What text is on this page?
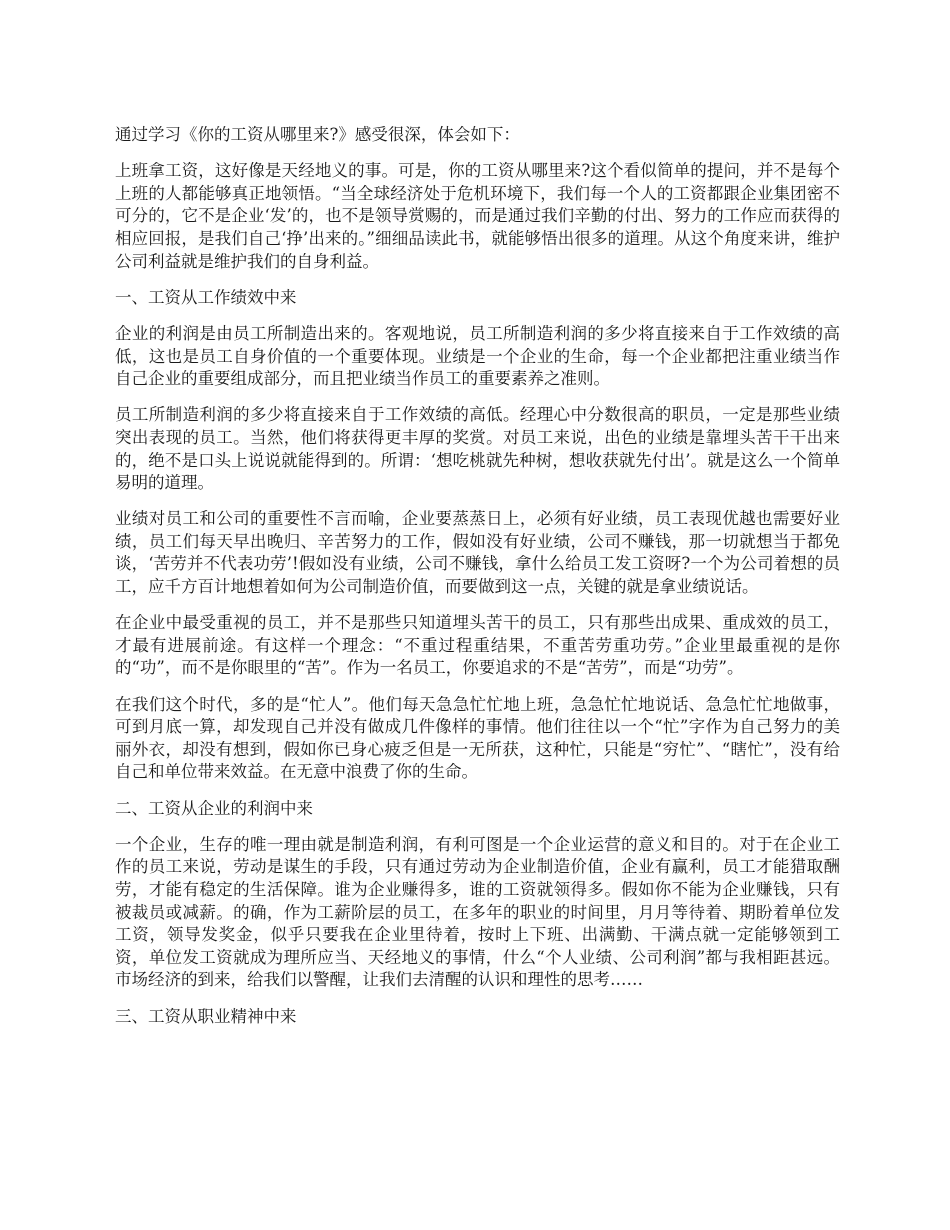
通过学习《你的工资从哪里来?》感受很深，体会如下：

上班拿工资，这好像是天经地义的事。可是，你的工资从哪里来?这个看似简单的提问，并不是每个上班的人都能够真正地领悟。“当全球经济处于危机环境下，我们每一个人的工资都跟企业集团密不可分的，它不是企业‘发’的，也不是领导赏赐的，而是通过我们辛勤的付出、努力的工作应而获得的相应回报，是我们自己‘挣’出来的。”细细品读此书，就能够悟出很多的道理。从这个角度来讲，维护公司利益就是维护我们的自身利益。

一、工资从工作绩效中来

企业的利润是由员工所制造出来的。客观地说，员工所制造利润的多少将直接来自于工作效绩的高低，这也是员工自身价值的一个重要体现。业绩是一个企业的生命，每一个企业都把注重业绩当作自己企业的重要组成部分，而且把业绩当作员工的重要素养之准则。

员工所制造利润的多少将直接来自于工作效绩的高低。经理心中分数很高的职员，一定是那些业绩突出表现的员工。当然，他们将获得更丰厚的奖赏。对员工来说，出色的业绩是靠埋头苦干干出来的，绝不是口头上说说就能得到的。所谓：‘想吃桃就先种树，想收获就先付出’。就是这么一个简单易明的道理。

业绩对员工和公司的重要性不言而喻，企业要蒸蒸日上，必须有好业绩，员工表现优越也需要好业绩，员工们每天早出晚归、辛苦努力的工作，假如没有好业绩，公司不赚钱，那一切就想当于都免谈，‘苦劳并不代表功劳’!假如没有业绩，公司不赚钱，拿什么给员工发工资呀?一个为公司着想的员工，应千方百计地想着如何为公司制造价值，而要做到这一点，关键的就是拿业绩说话。

在企业中最受重视的员工，并不是那些只知道埋头苦干的员工，只有那些出成果、重成效的员工，才最有进展前途。有这样一个理念：“不重过程重结果，不重苦劳重功劳。”企业里最重视的是你的“功”，而不是你眼里的“苦”。作为一名员工，你要追求的不是“苦劳”，而是“功劳”。

在我们这个时代，多的是“忙人”。他们每天急急忙忙地上班，急急忙忙地说话、急急忙忙地做事，可到月底一算，却发现自己并没有做成几件像样的事情。他们往往以一个“忙”字作为自己努力的美丽外衣，却没有想到，假如你已身心疲乏但是一无所获，这种忙，只能是“穷忙”、“瞎忙”，没有给自己和单位带来效益。在无意中浪费了你的生命。

二、工资从企业的利润中来

一个企业，生存的唯一理由就是制造利润，有利可图是一个企业运营的意义和目的。对于在企业工作的员工来说，劳动是谋生的手段，只有通过劳动为企业制造价值，企业有赢利，员工才能猎取酬劳，才能有稳定的生活保障。谁为企业赚得多，谁的工资就领得多。假如你不能为企业赚钱，只有被裁员或减薪。的确，作为工薪阶层的员工，在多年的职业的时间里，月月等待着、期盼着单位发工资，领导发奖金，似乎只要我在企业里待着，按时上下班、出满勤、干满点就一定能够领到工资，单位发工资就成为理所应当、天经地义的事情，什么“个人业绩、公司利润”都与我相距甚远。市场经济的到来，给我们以警醒，让我们去清醒的认识和理性的思考……

三、工资从职业精神中来
